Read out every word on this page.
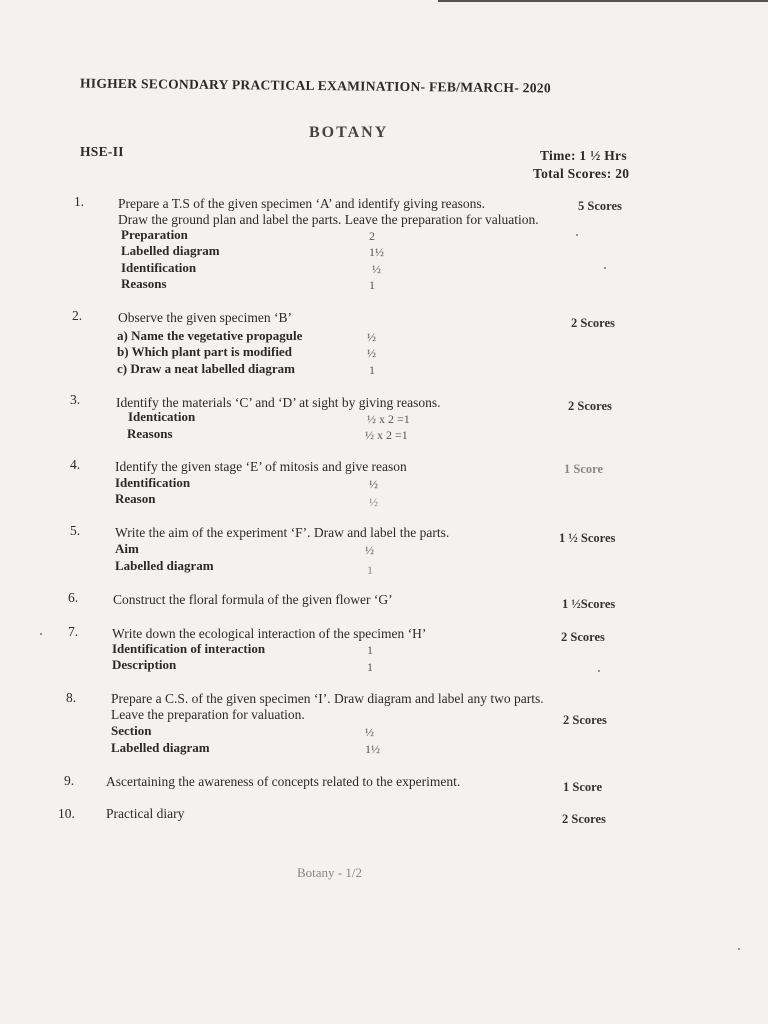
HIGHER SECONDARY PRACTICAL EXAMINATION- FEB/MARCH- 2020
BOTANY
HSE-II	Time: 1 ½ Hrs
Total Scores: 20
1.	Prepare a T.S of the given specimen ‘A’ and identify giving reasons.
Draw the ground plan and label the parts. Leave the preparation for valuation.
5 Scores
Preparation	2
Labelled diagram	1½
Identification	½
Reasons	1
2.	Observe the given specimen ‘B’	2 Scores
a) Name the vegetative propagule	½
b) Which plant part is modified	½
c) Draw a neat labelled diagram	1
3.	Identify the materials ‘C’ and ‘D’ at sight by giving reasons.	2 Scores
Identication	½ x 2 =1
Reasons	½ x 2 =1
4.	Identify the given stage ‘E’ of mitosis and give reason	1 Score
Identification	½
Reason	½
5.	Write the aim of the experiment ‘F’. Draw and label the parts.	1 ½ Scores
Aim	½
Labelled diagram	1
6.	Construct the floral formula of the given flower ‘G’	1 ½Scores
7.	Write down the ecological interaction of the specimen ‘H’	2 Scores
Identification of interaction	1
Description	1
8.	Prepare a C.S. of the given specimen ‘I’. Draw diagram and label any two parts.
Leave the preparation for valuation.	2 Scores
Section	½
Labelled diagram	1½
9. Ascertaining the awareness of concepts related to the experiment.	1 Score
10. Practical diary	2 Scores
Botany - 1/2
